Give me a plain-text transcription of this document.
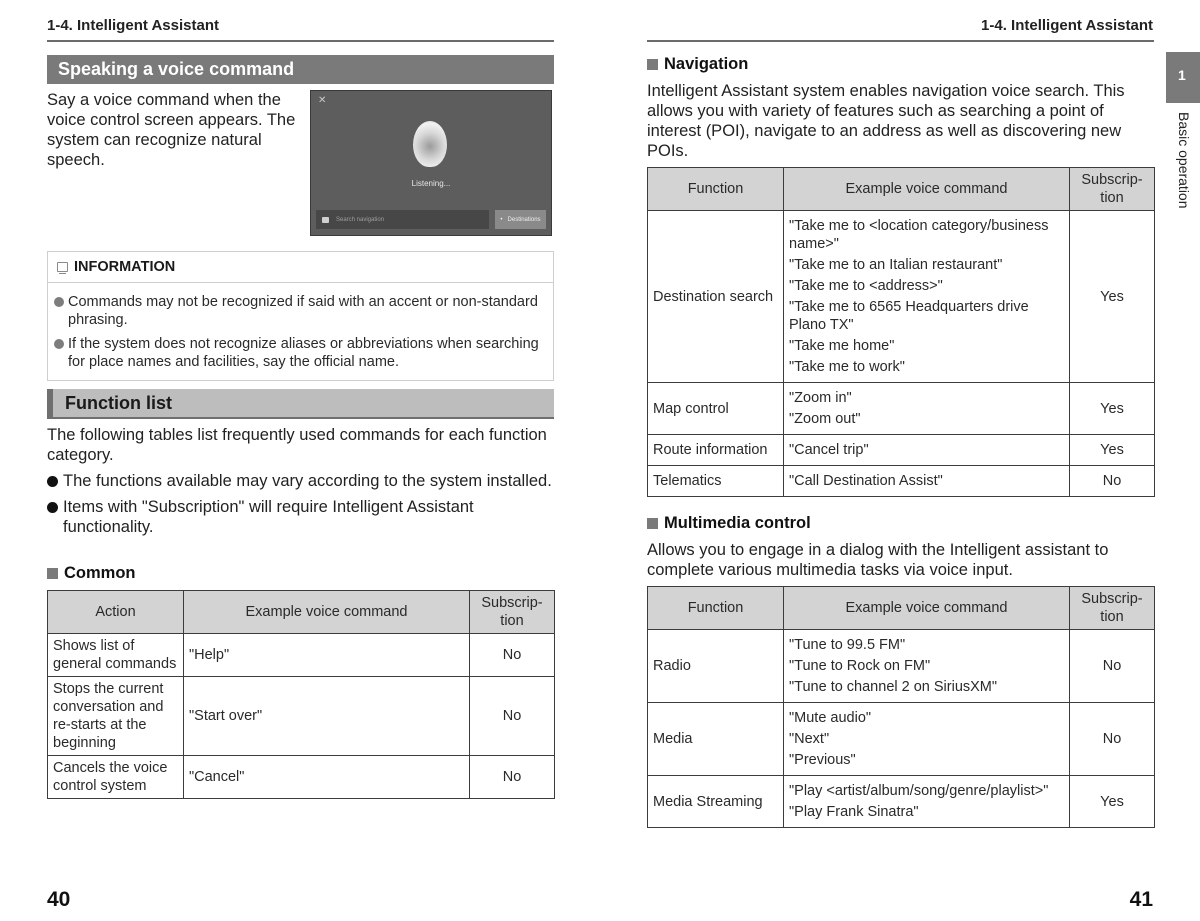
1-4. Intelligent Assistant
Speaking a voice command
Say a voice command when the voice control screen appears. The system can recognize natural speech.
✕
Listening...
Search navigation	• Destinations
INFORMATION
Commands may not be recognized if said with an accent or non-standard phrasing.
If the system does not recognize aliases or abbreviations when searching for place names and facilities, say the official name.
Function list
The following tables list frequently used commands for each function category.
The functions available may vary according to the system installed.
Items with "Subscription" will require Intelligent Assistant functionality.
Common
Action	Example voice command	Subscrip-
tion
Shows list of general commands	"Help"	No
Stops the current conversation and re-starts at the beginning	"Start over"	No
Cancels the voice control system	"Cancel"	No
40
1-4. Intelligent Assistant
1
Basic operation
Navigation
Intelligent Assistant system enables navigation voice search. This allows you with variety of features such as searching a point of interest (POI), navigate to an address as well as discovering new POIs.
Function	Example voice command	Subscrip-
tion
Destination search	
"Take me to <location category/business name>"
"Take me to an Italian restaurant"
"Take me to <address>"
"Take me to 6565 Headquarters drive Plano TX"
"Take me home"
"Take me to work"
	Yes
Map control	"Zoom in"
"Zoom out"	Yes
Route information	"Cancel trip"	Yes
Telematics	"Call Destination Assist"	No
Multimedia control
Allows you to engage in a dialog with the Intelligent assistant to complete various multimedia tasks via voice input.
Function	Example voice command	Subscrip-
tion
Radio	"Tune to 99.5 FM"
"Tune to Rock on FM"
"Tune to channel 2 on SiriusXM"	No
Media	"Mute audio"
"Next"
"Previous"	No
Media Streaming	"Play <artist/album/song/genre/playlist>"
"Play Frank Sinatra"	Yes
41
